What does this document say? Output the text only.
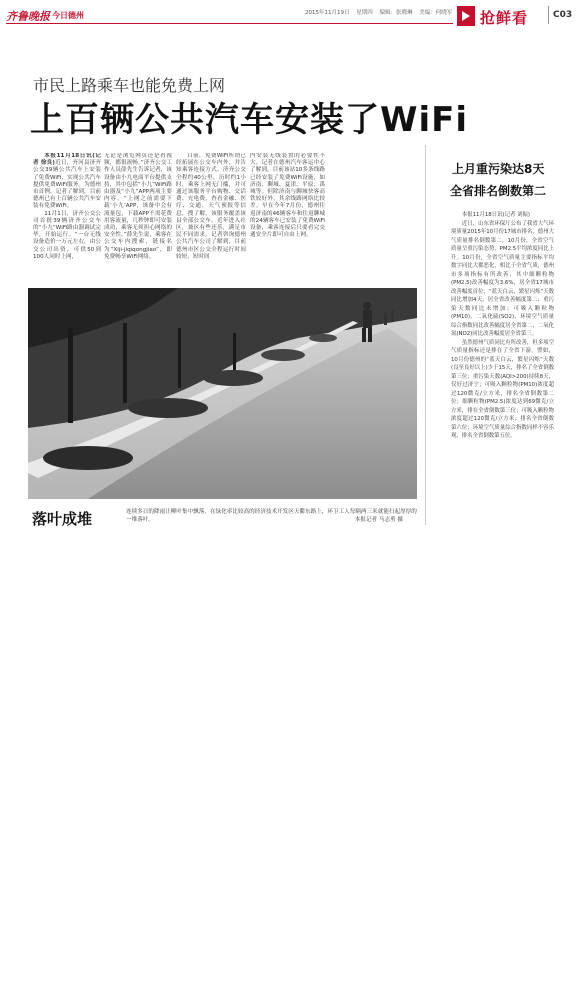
齐鲁晚报 今日德州	2015年11月19日 星期四 编辑：张晓琳 美编：何晓军	抢鲜看	C03
市民上路乘车也能免费上网
上百辆公共汽车安装了WiFi

本报11月18日讯(记者 徐良)近日，齐河县济齐公交39辆公共汽车上安装了免费WiFi，实现公共汽车提供免费WiFi服务。为德州市首例，记者了解到，目前德州已有上百辆公共汽车安装有免费WiFi。

11月1日，济齐公交公司首批39辆济齐公交车的“小九”WiFi路由器调试完毕，开始运行。“一台无线设备造价一万元左右，由公交公司出资，可供50到100人同时上网，

无论是浏览网页还是看视频，都很流畅。”济齐公交工作人员薛先生告诉记者，该设备由小九电商平台提供支持，其中包括“小九”WiFi路由器及“小九”APP两项主要内容。“上网之前需要下载‘小九’APP，该备中会有流量包，下载APP不需花费用客流量，几秒钟即可安装成功，乘客无须担心网络的安全性。”薛先生说，乘客在公交车内搜索，链接名为“Xiji-jiqiqongjiao”，即免费畅享WiFi网络。

目前，免费WiFi所谓已经拓展在公交车内外，并告知乘客连接方式。济齐公交全程约40公里，历时约1小时，乘客上网无门槛，并可通过该服务平台购物、交话费、充电费，查看金融、医疗、交通、天气预报等信息，搜了解，该服务覆盖该县全部公交车。近年进入社区，兼区有些还乐，满足市民不同需求。记者咨询德州公共汽车公司了解到，目前德州市区公交全程运行时间较短，短时间

内安装无线装置的必要性不大。记者在德州汽车客运中心了解到，目前该站10多条线路已经安装了免费WiFi设施，如济南、聊城、夏津、平原、禹城等。但除济南与聊城快客高铁较好外，其余线路网络比较差。早在今年7月份，德州往返济南的46辆客车和往返聊城的24辆客车已安装了免费WiFi设备，乘客连接后只要看完交通安全片即可自由上网。

落叶成堆	连续多日的降雨让柳叶集中飘落，在绿化率比较高的经济技术开发区天衢东路上，环卫工人每隔两三米就能扫起厚厚的一堆落叶。	本报记者 马志勇 摄
上月重污染达8天
全省排名倒数第二

本报11月18日讯(记者 刘振)

近日，山东省环保厅公布了我省大气环境质量2015年10月份17城市排名，德州大气质量排名倒数第二。10月份，全省空气质量呈重污染态势，PM2.5平均浓度同比上升。10月份，全省空气质量主要指标平均数字同比大都恶化，相比于全省气质，德州市多项指标有所改善，其中细颗粒物(PM2.5)改善幅度为3.6%，居全省17城市改善幅度首位；“蓝天白云，繁星闪烁”天数同比增加4天，居全省改善幅度第二；重污染天数同比未增加；可吸入颗粒物(PM10)、二氧化硫(SO2)、环境空气质量综合指数同比改善幅度居全省第二，二氧化氮(NO2)同比改善幅度居全省第三。

虽然德州气质同比有所改善，但多项空气质量指标还是排在了全省下游。譬如，10月份德州的“蓝天白云，繁星闪烁”天数(良至良好以上)少于15天，排名了全省倒数第三位；重污染天数(AQI>200)持续8天，仅好过济宁；可吸入颗粒物(PM10)浓度超过120微克/立方米，排名全省倒数第二位；细颗粒物(PM2.5)浓度达到69微克/立方米，排在全省倒数第三位；可吸入颗粒物浓度超过120微克/立方米；排名全省倒数第六位；环境空气质量综合指数同样不容乐观，排名全省倒数第五位。
